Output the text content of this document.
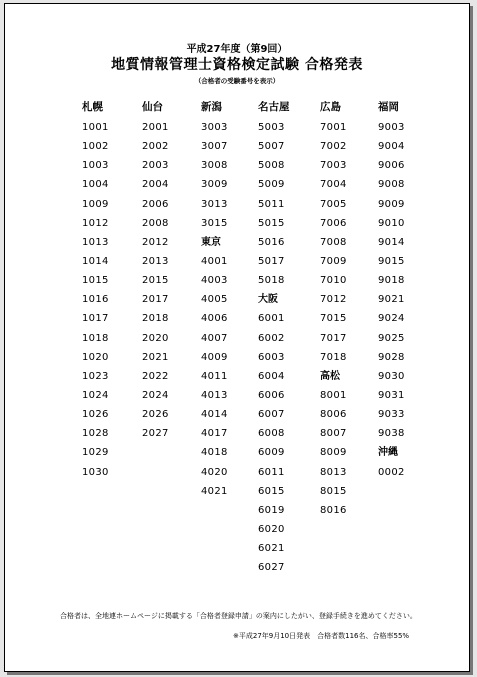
平成27年度（第9回）
地質情報管理士資格検定試験 合格発表
（合格者の受験番号を表示）
札幌
1001
1002
1003
1004
1009
1012
1013
1014
1015
1016
1017
1018
1020
1023
1024
1026
1028
1029
1030
仙台
2001
2002
2003
2004
2006
2008
2012
2013
2015
2017
2018
2020
2021
2022
2024
2026
2027
新潟
3003
3007
3008
3009
3013
3015
東京
4001
4003
4005
4006
4007
4009
4011
4013
4014
4017
4018
4020
4021
名古屋
5003
5007
5008
5009
5011
5015
5016
5017
5018
大阪
6001
6002
6003
6004
6006
6007
6008
6009
6011
6015
6019
6020
6021
6027
広島
7001
7002
7003
7004
7005
7006
7008
7009
7010
7012
7015
7017
7018
高松
8001
8006
8007
8009
8013
8015
8016
福岡
9003
9004
9006
9008
9009
9010
9014
9015
9018
9021
9024
9025
9028
9030
9031
9033
9038
沖縄
0002
合格者は、全地連ホームページに掲載する「合格者登録申請」の案内にしたがい、登録手続きを進めてください。
※平成27年9月10日発表　合格者数116名、合格率55%
